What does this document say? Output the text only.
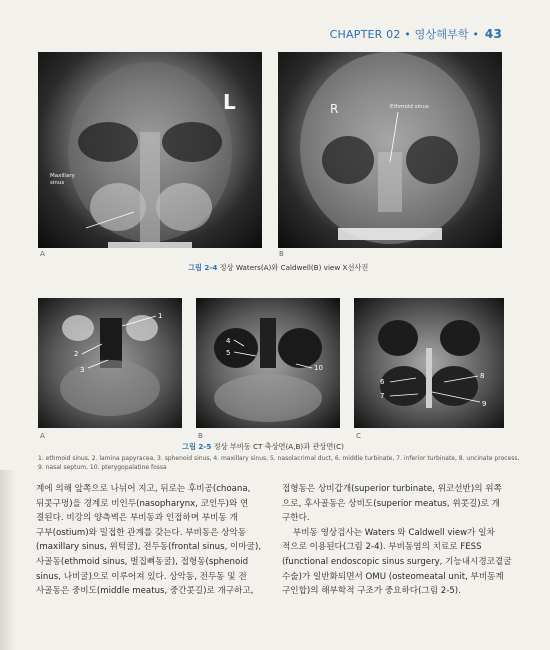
CHAPTER 02 • 영상해부학 • 43
L
Maxillary
sinus
A
R	Ethmoid sinus
B
그림 2-4 정상 Waters(A)와 Caldwell(B) view X선사진
1
2
3
A
4
5
10
B
6
7
8
9
C
그림 2-5 정상 부비동 CT 축상면(A,B)과 관상면(C)
1. ethmoid sinus, 2. lamina papyracea, 3. sphenoid sinus, 4. maxillary sinus, 5. nasolacrimal duct, 6. middle turbinate, 7. inferior turbinate, 8. uncinate process, 9. nasal septum, 10. pterygopalatine fossa
계에 의해 앞쪽으로 나뉘어 지고, 뒤로는 후비공(choana,
뒤콧구멍)을 경계로 비인두(nasopharynx, 코인두)와 연
결된다. 비강의 양측벽은 부비동과 인접하며 부비동 개
구부(ostium)와 밀접한 관계를 갖는다. 부비동은 상악동
(maxillary sinus, 위턱굴), 전두동(frontal sinus, 이마굴),
사골동(ethmoid sinus, 벌집뼈동굴), 접형동(sphenoid
sinus, 나비굴)으로 이루어져 있다. 상악동, 전두동 및 전
사골동은 중비도(middle meatus, 중간콧길)로 개구하고,
접형동은 상비갑개(superior turbinate, 위코선반)의 위쪽
으로, 후사골동은 상비도(superior meatus, 위콧길)로 개
구한다.
부비동 영상검사는 Waters 와 Caldwell view가 일차
적으로 이용된다(그림 2-4). 부비동염의 치료로 FESS
(functional endoscopic sinus surgery, 기능내시경코곁굴
수술)가 일반화되면서 OMU (osteomeatal unit, 부비동계
구인합)의 해부학적 구조가 중요하다(그림 2-5).
